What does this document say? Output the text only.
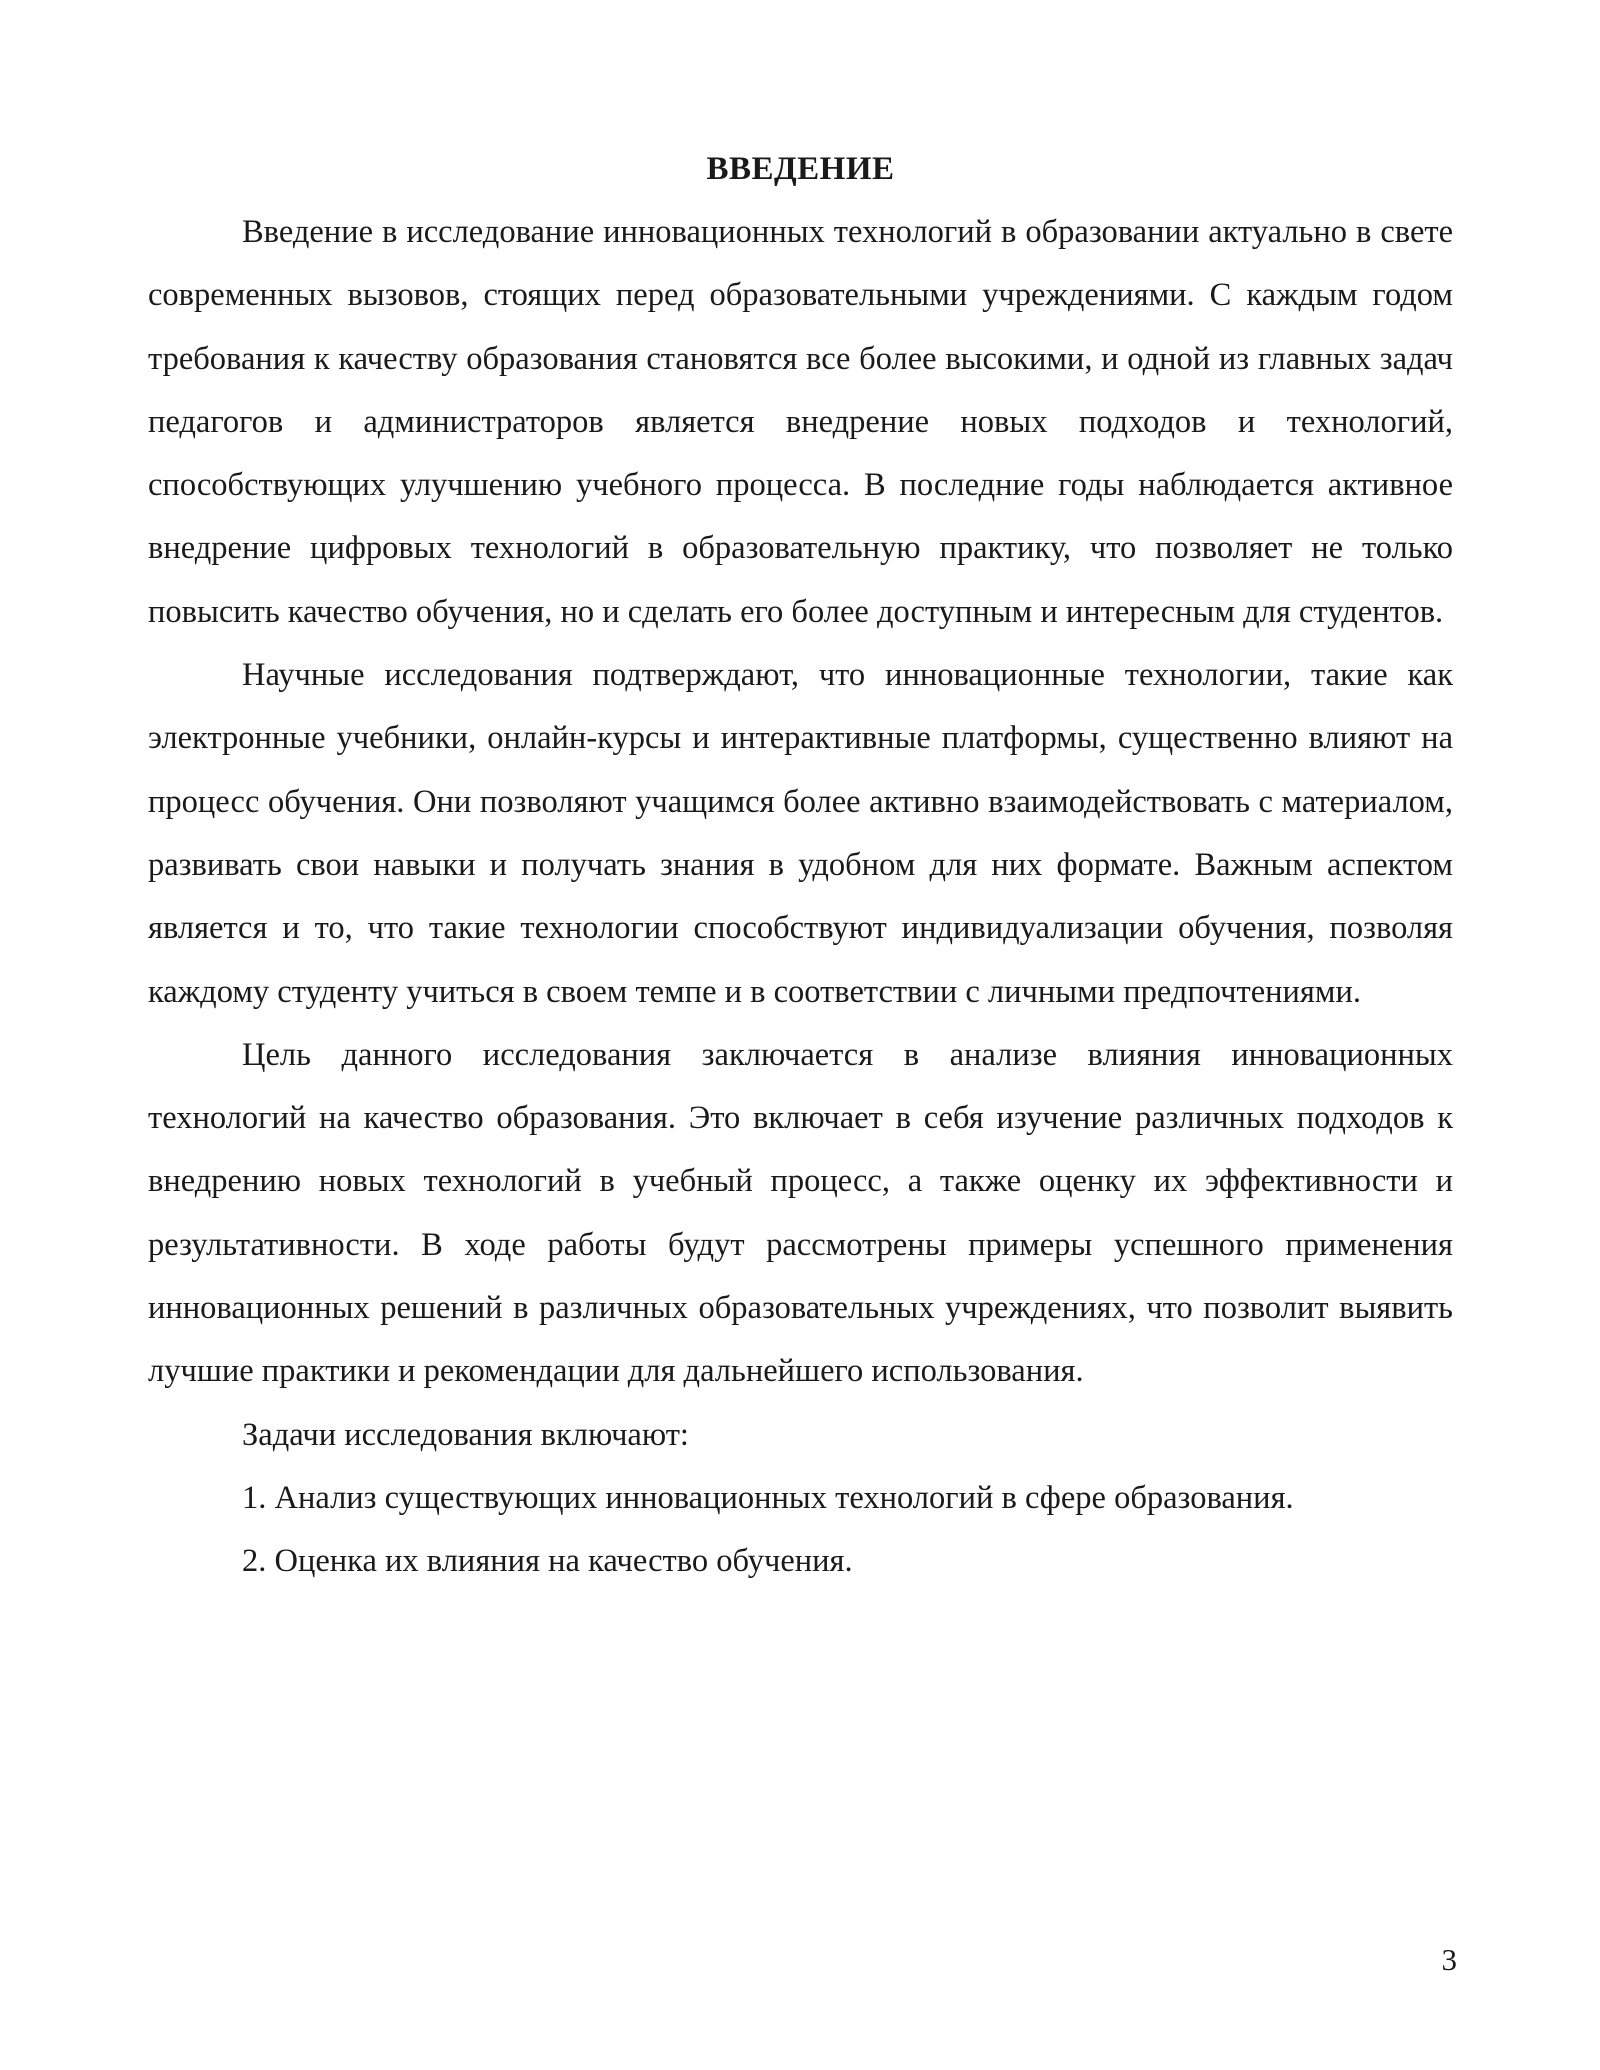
ВВЕДЕНИЕ

Введение в исследование инновационных технологий в образовании актуально в свете современных вызовов, стоящих перед образовательными учреждениями. С каждым годом требования к качеству образования становятся все более высокими, и одной из главных задач педагогов и администраторов является внедрение новых подходов и технологий, способствующих улучшению учебного процесса. В последние годы наблюдается активное внедрение цифровых технологий в образовательную практику, что позволяет не только повысить качество обучения, но и сделать его более доступным и интересным для студентов.

Научные исследования подтверждают, что инновационные технологии, такие как электронные учебники, онлайн-курсы и интерактивные платформы, существенно влияют на процесс обучения. Они позволяют учащимся более активно взаимодействовать с материалом, развивать свои навыки и получать знания в удобном для них формате. Важным аспектом является и то, что такие технологии способствуют индивидуализации обучения, позволяя каждому студенту учиться в своем темпе и в соответствии с личными предпочтениями.

Цель данного исследования заключается в анализе влияния инновационных технологий на качество образования. Это включает в себя изучение различных подходов к внедрению новых технологий в учебный процесс, а также оценку их эффективности и результативности. В ходе работы будут рассмотрены примеры успешного применения инновационных решений в различных образовательных учреждениях, что позволит выявить лучшие практики и рекомендации для дальнейшего использования.

Задачи исследования включают:

1. Анализ существующих инновационных технологий в сфере образования.

2. Оценка их влияния на качество обучения.

3
